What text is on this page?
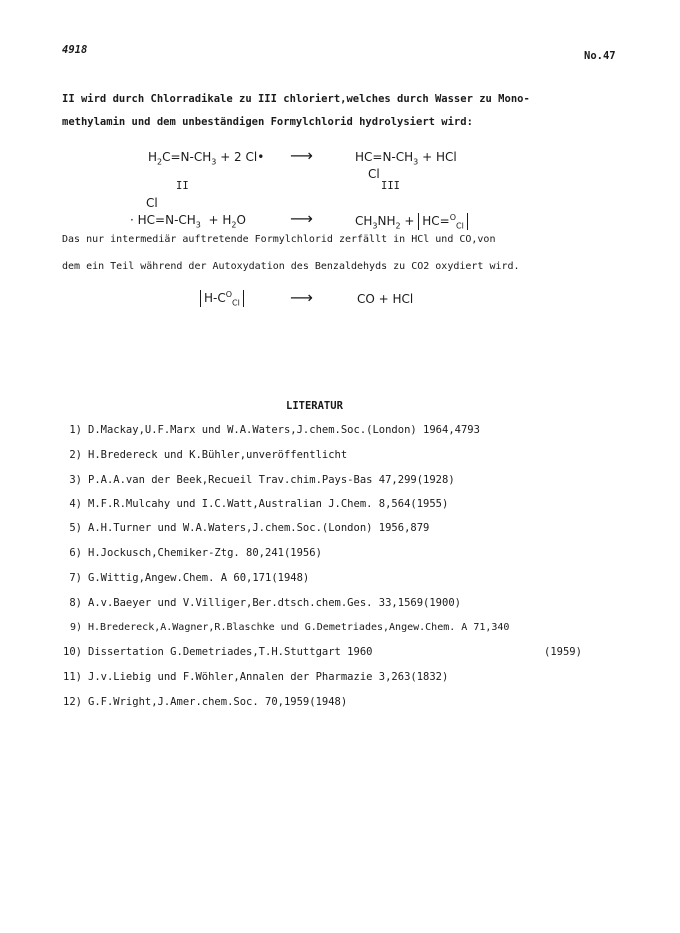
4918	No.47
II wird durch Chlorradikale zu III chloriert,welches durch Wasser zu Mono-
methylamin und dem unbeständigen Formylchlorid hydrolysiert wird:
$H_2C=N-CH_3 + 2$ Cl• ⟶	$HC=N-CH_3$ + HCl
Cl
II	III
Cl
· $HC=N-CH_3 + H_2O$	⟶	$CH_3NH_2 + HC=^O_{Cl}$
Das nur intermediär auftretende Formylchlorid zerfällt in HCl und CO,von
dem ein Teil während der Autoxydation des Benzaldehyds zu CO2 oxydiert wird.
$H-C^O_{Cl}$	⟶	CO + HCl
LITERATUR
1) D.Mackay,U.F.Marx und W.A.Waters,J.chem.Soc.(London) 1964,4793
2) H.Bredereck und K.Bühler,unveröffentlicht
3) P.A.A.van der Beek,Recueil Trav.chim.Pays-Bas 47,299(1928)
4) M.F.R.Mulcahy und I.C.Watt,Australian J.Chem. 8,564(1955)
5) A.H.Turner und W.A.Waters,J.chem.Soc.(London) 1956,879
6) H.Jockusch,Chemiker-Ztg. 80,241(1956)
7) G.Wittig,Angew.Chem. A 60,171(1948)
8) A.v.Baeyer und V.Villiger,Ber.dtsch.chem.Ges. 33,1569(1900)
9) H.Bredereck,A.Wagner,R.Blaschke und G.Demetriades,Angew.Chem. A 71,340
10) Dissertation G.Demetriades,T.H.Stuttgart 1960	(1959)
11) J.v.Liebig und F.Wöhler,Annalen der Pharmazie 3,263(1832)
12) G.F.Wright,J.Amer.chem.Soc. 70,1959(1948)
